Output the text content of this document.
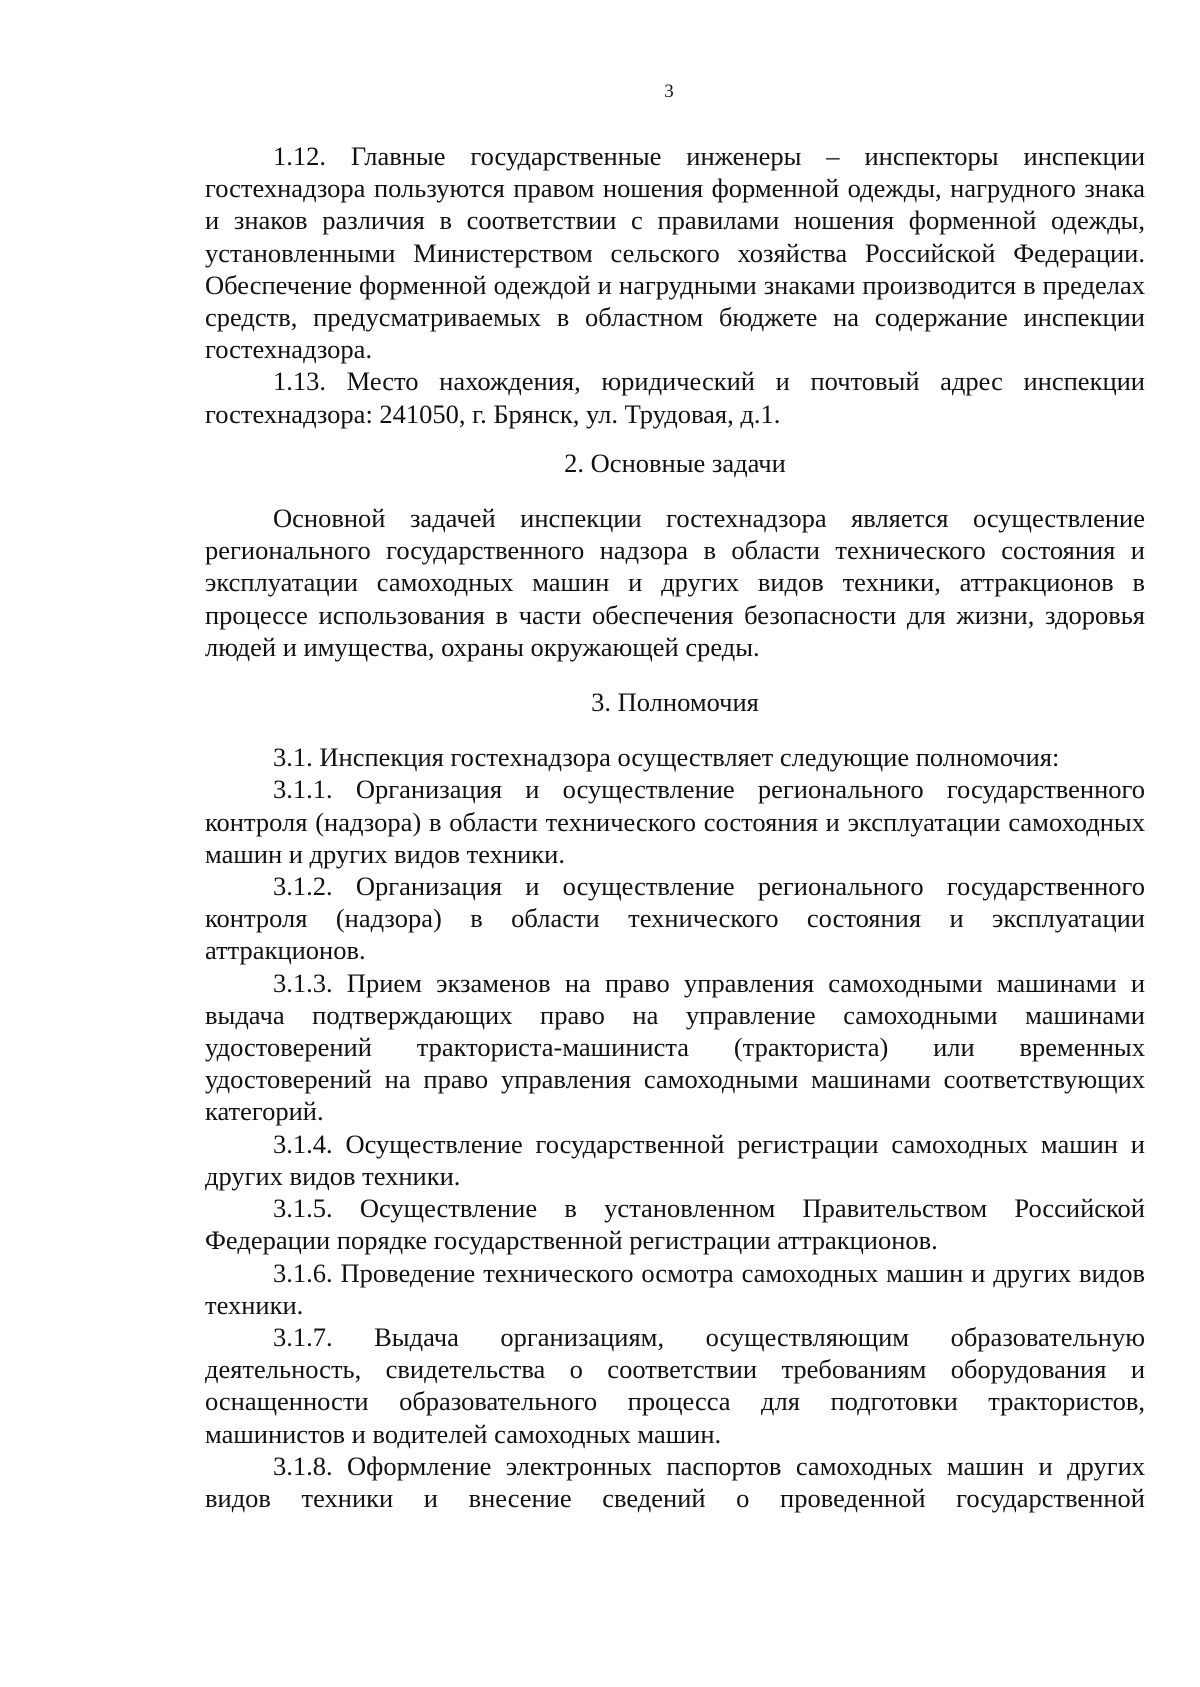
3

1.12. Главные государственные инженеры – инспекторы инспекции гостехнадзора пользуются правом ношения форменной одежды, нагрудного знака и знаков различия в соответствии с правилами ношения форменной одежды, установленными Министерством сельского хозяйства Российской Федерации. Обеспечение форменной одеждой и нагрудными знаками производится в пределах средств, предусматриваемых в областном бюджете на содержание инспекции гостехнадзора.

1.13. Место нахождения, юридический и почтовый адрес инспекции гостехнадзора: 241050, г. Брянск, ул. Трудовая, д.1.

2. Основные задачи

Основной задачей инспекции гостехнадзора является осуществление регионального государственного надзора в области технического состояния и эксплуатации самоходных машин и других видов техники, аттракционов в процессе использования в части обеспечения безопасности для жизни, здоровья людей и имущества, охраны окружающей среды.

3. Полномочия

3.1. Инспекция гостехнадзора осуществляет следующие полномочия:

3.1.1. Организация и осуществление регионального государственного контроля (надзора) в области технического состояния и эксплуатации самоходных машин и других видов техники.

3.1.2. Организация и осуществление регионального государственного контроля (надзора) в области технического состояния и эксплуатации аттракционов.

3.1.3. Прием экзаменов на право управления самоходными машинами и выдача подтверждающих право на управление самоходными машинами удостоверений тракториста-машиниста (тракториста) или временных удостоверений на право управления самоходными машинами соответствующих категорий.

3.1.4. Осуществление государственной регистрации самоходных машин и других видов техники.

3.1.5. Осуществление в установленном Правительством Российской Федерации порядке государственной регистрации аттракционов.

3.1.6. Проведение технического осмотра самоходных машин и других видов техники.

3.1.7. Выдача организациям, осуществляющим образовательную деятельность, свидетельства о соответствии требованиям оборудования и оснащенности образовательного процесса для подготовки трактористов, машинистов и водителей самоходных машин.

3.1.8. Оформление электронных паспортов самоходных машин и других видов техники и внесение сведений о проведенной государственной
